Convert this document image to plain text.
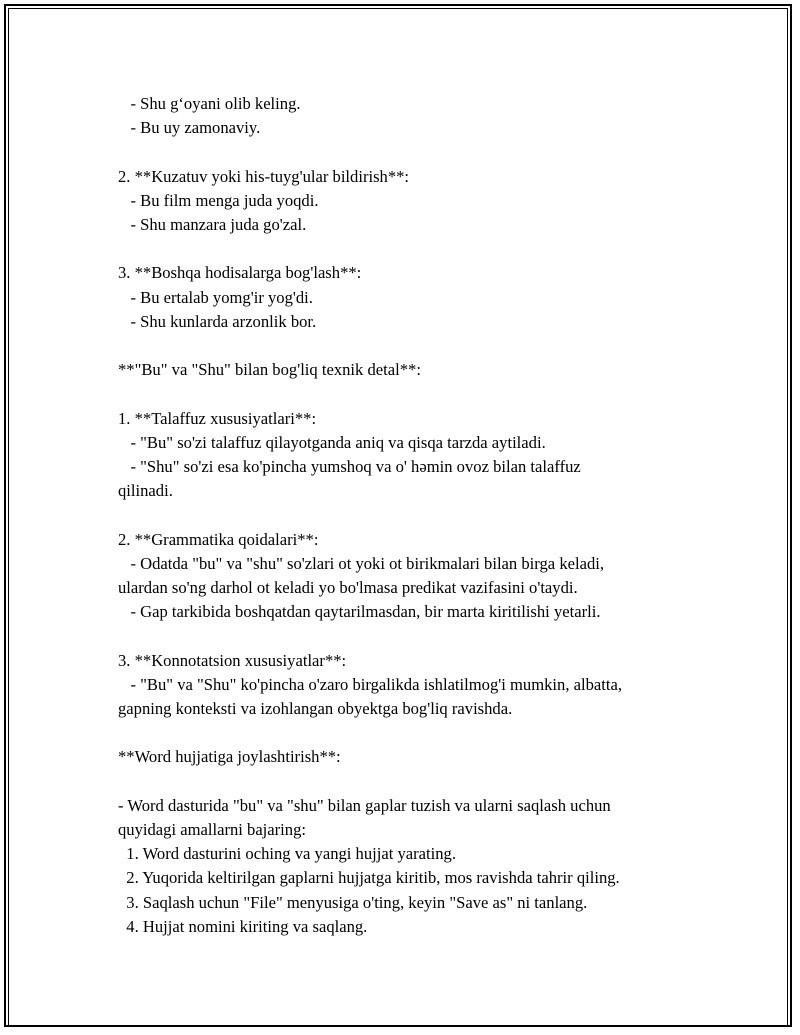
- Shu g‘oyani olib keling.
- Bu uy zamonaviy.
2. **Kuzatuv yoki his-tuyg'ular bildirish**:
- Bu film menga juda yoqdi.
- Shu manzara juda go'zal.
3. **Boshqa hodisalarga bog'lash**:
- Bu ertalab yomg'ir yog'di.
- Shu kunlarda arzonlik bor.
**"Bu" va "Shu" bilan bog'liq texnik detal**:
1. **Talaffuz xususiyatlari**:
- "Bu" so'zi talaffuz qilayotganda aniq va qisqa tarzda aytiladi.
- "Shu" so'zi esa ko'pincha yumshoq va o' həmin ovoz bilan talaffuz
qilinadi.
2. **Grammatika qoidalari**:
- Odatda "bu" va "shu" so'zlari ot yoki ot birikmalari bilan birga keladi,
ulardan so'ng darhol ot keladi yo bo'lmasa predikat vazifasini o'taydi.
- Gap tarkibida boshqatdan qaytarilmasdan, bir marta kiritilishi yetarli.
3. **Konnotatsion xususiyatlar**:
- "Bu" va "Shu" ko'pincha o'zaro birgalikda ishlatilmog'i mumkin, albatta,
gapning konteksti va izohlangan obyektga bog'liq ravishda.
**Word hujjatiga joylashtirish**:
- Word dasturida "bu" va "shu" bilan gaplar tuzish va ularni saqlash uchun
quyidagi amallarni bajaring:
1. Word dasturini oching va yangi hujjat yarating.
2. Yuqorida keltirilgan gaplarni hujjatga kiritib, mos ravishda tahrir qiling.
3. Saqlash uchun "File" menyusiga o'ting, keyin "Save as" ni tanlang.
4. Hujjat nomini kiriting va saqlang.
